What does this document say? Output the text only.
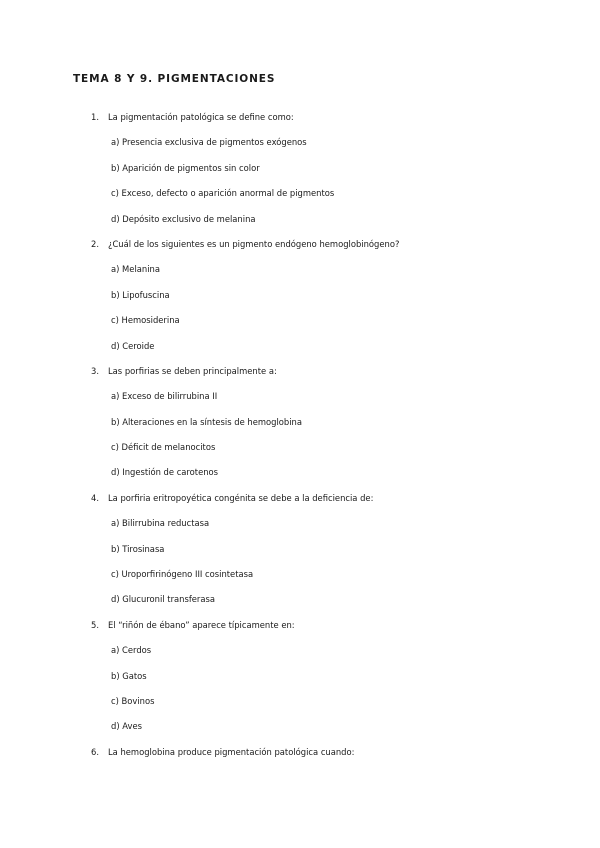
TEMA 8 Y 9. PIGMENTACIONES
1. La pigmentación patológica se define como:
a) Presencia exclusiva de pigmentos exógenos
b) Aparición de pigmentos sin color
c) Exceso, defecto o aparición anormal de pigmentos
d) Depósito exclusivo de melanina
2. ¿Cuál de los siguientes es un pigmento endógeno hemoglobinógeno?
a) Melanina
b) Lipofuscina
c) Hemosiderina
d) Ceroide
3. Las porfirias se deben principalmente a:
a) Exceso de bilirrubina II
b) Alteraciones en la síntesis de hemoglobina
c) Déficit de melanocitos
d) Ingestión de carotenos
4. La porfiria eritropoyética congénita se debe a la deficiencia de:
a) Bilirrubina reductasa
b) Tirosinasa
c) Uroporfirinógeno III cosintetasa
d) Glucuronil transferasa
5. El “riñón de ébano” aparece típicamente en:
a) Cerdos
b) Gatos
c) Bovinos
d) Aves
6. La hemoglobina produce pigmentación patológica cuando:
